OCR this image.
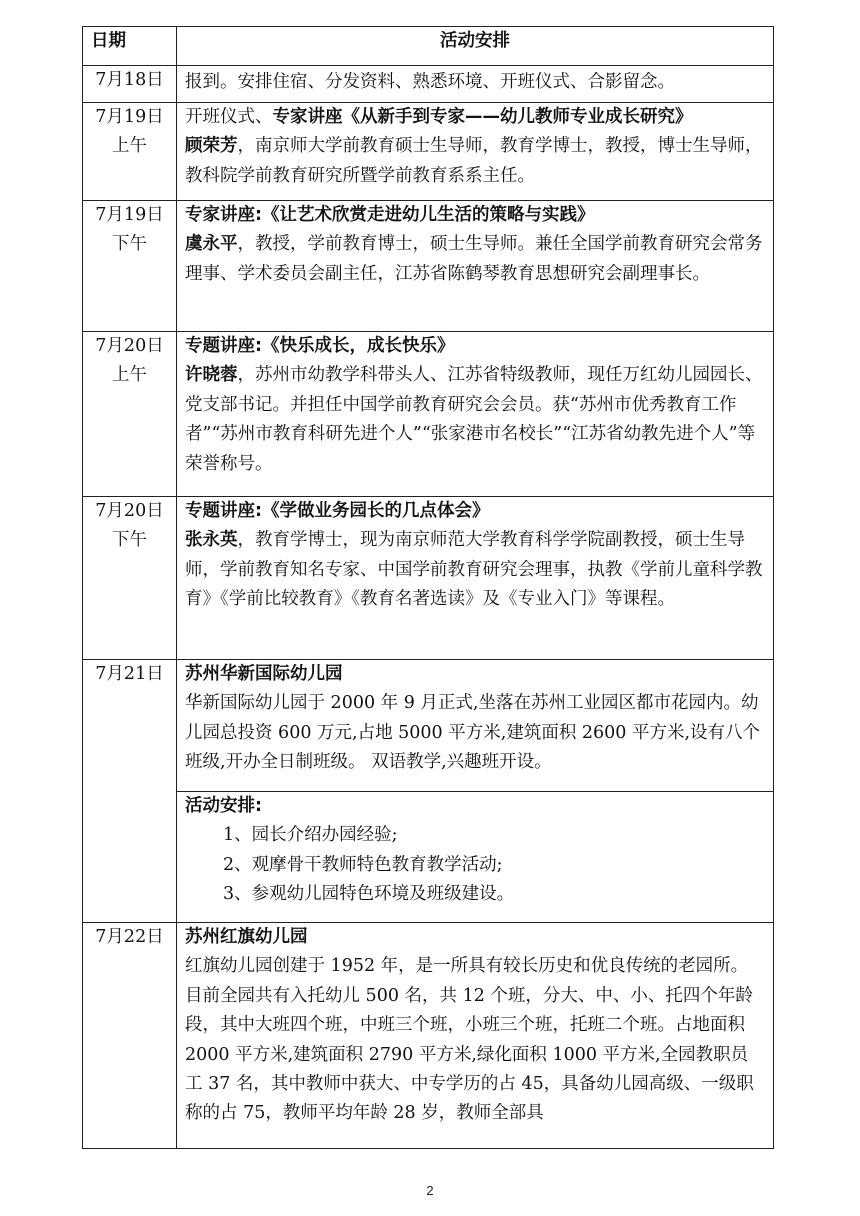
日期	活动安排

7月18日	报到。安排住宿、分发资料、熟悉环境、开班仪式、合影留念。

7月19日
上午	开班仪式、专家讲座《从新手到专家——幼儿教师专业成长研究》
顾荣芳，南京师大学前教育硕士生导师，教育学博士，教授，博士生导师，教科院学前教育研究所暨学前教育系系主任。

7月19日
下午	专家讲座:《让艺术欣赏走进幼儿生活的策略与实践》
虞永平，教授，学前教育博士，硕士生导师。兼任全国学前教育研究会常务理事、学术委员会副主任，江苏省陈鹤琴教育思想研究会副理事长。

7月20日
上午	专题讲座:《快乐成长，成长快乐》
许晓蓉，苏州市幼教学科带头人、江苏省特级教师，现任万红幼儿园园长、党支部书记。并担任中国学前教育研究会会员。获“苏州市优秀教育工作者”“苏州市教育科研先进个人”“张家港市名校长”“江苏省幼教先进个人”等荣誉称号。

7月20日
下午	专题讲座:《学做业务园长的几点体会》
张永英，教育学博士，现为南京师范大学教育科学学院副教授，硕士生导师，学前教育知名专家、中国学前教育研究会理事，执教《学前儿童科学教育》《学前比较教育》《教育名著选读》及《专业入门》等课程。

7月21日	苏州华新国际幼儿园
华新国际幼儿园于 2000 年 9 月正式,坐落在苏州工业园区都市花园内。幼儿园总投资 600 万元,占地 5000 平方米,建筑面积 2600 平方米,设有八个班级,开办全日制班级。 双语教学,兴趣班开设。
	活动安排:
1、园长介绍办园经验;
2、观摩骨干教师特色教育教学活动;
3、参观幼儿园特色环境及班级建设。

7月22日	苏州红旗幼儿园
红旗幼儿园创建于 1952 年，是一所具有较长历史和优良传统的老园所。目前全园共有入托幼儿 500 名，共 12 个班，分大、中、小、托四个年龄段，其中大班四个班，中班三个班，小班三个班，托班二个班。占地面积 2000 平方米,建筑面积 2790 平方米,绿化面积 1000 平方米,全园教职员工 37 名，其中教师中获大、中专学历的占 45，具备幼儿园高级、一级职称的占 75，教师平均年龄 28 岁，教师全部具
2
